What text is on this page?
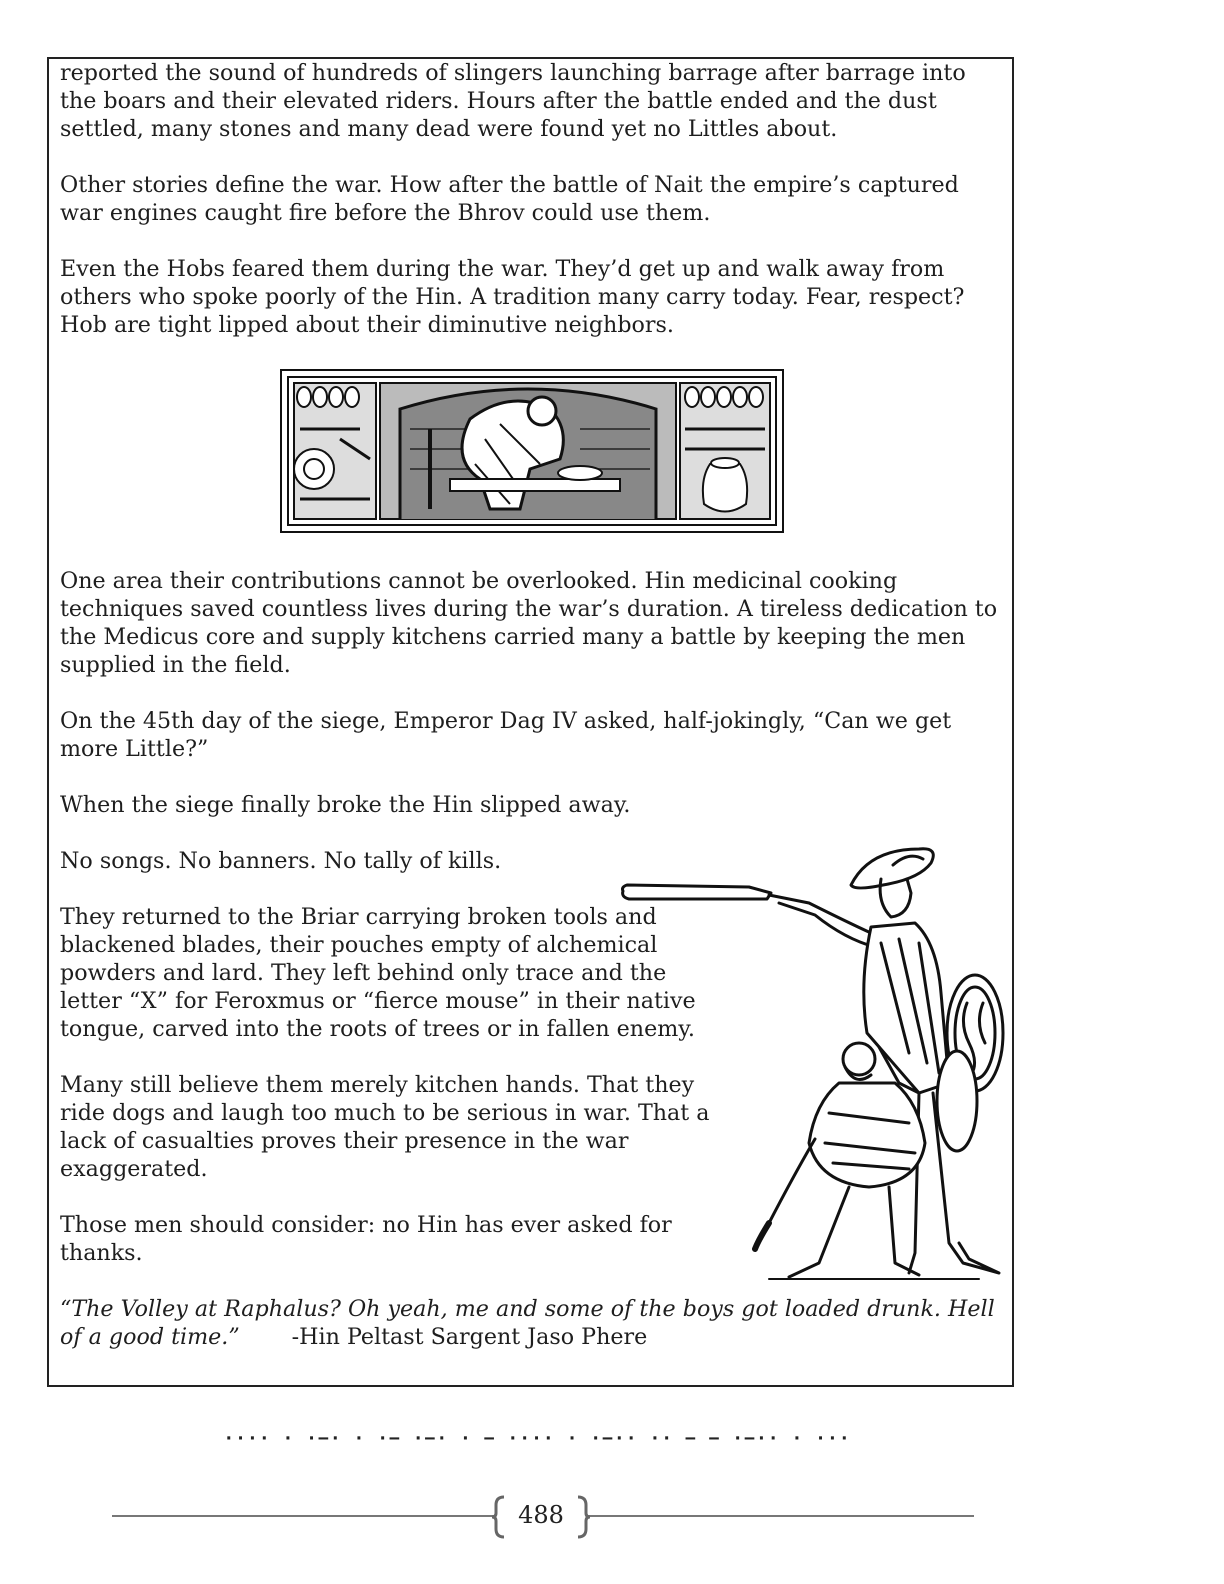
reported the sound of hundreds of slingers launching barrage after barrage into the boars and their elevated riders. Hours after the battle ended and the dust settled, many stones and many dead were found yet no Littles about.

Other stories define the war. How after the battle of Nait the empire’s captured war engines caught fire before the Bhrov could use them.

Even the Hobs feared them during the war. They’d get up and walk away from others who spoke poorly of the Hin. A tradition many carry today. Fear, respect? Hob are tight lipped about their diminutive neighbors.

One area their contributions cannot be overlooked. Hin medicinal cooking techniques saved countless lives during the war’s duration. A tireless dedication to the Medicus core and supply kitchens carried many a battle by keeping the men supplied in the field.

On the 45th day of the siege, Emperor Dag IV asked, half-jokingly, “Can we get more Little?”

When the siege finally broke the Hin slipped away.

No songs. No banners. No tally of kills.

They returned to the Briar carrying broken tools and blackened blades, their pouches empty of alchemical powders and lard. They left behind only trace and the letter “X” for Feroxmus or “fierce mouse” in their native tongue, carved into the roots of trees or in fallen enemy.

Many still believe them merely kitchen hands. That they ride dogs and laugh too much to be serious in war. That a lack of casualties proves their presence in the war exaggerated.

Those men should consider: no Hin has ever asked for thanks.

“The Volley at Raphalus? Oh yeah, me and some of the boys got loaded drunk. Hell of a good time.” -Hin Peltast Sargent Jaso Phere

···· · ·−· · ·− ·−· · − ···· · ·−·· ·· − − ·−·· · ···
488
